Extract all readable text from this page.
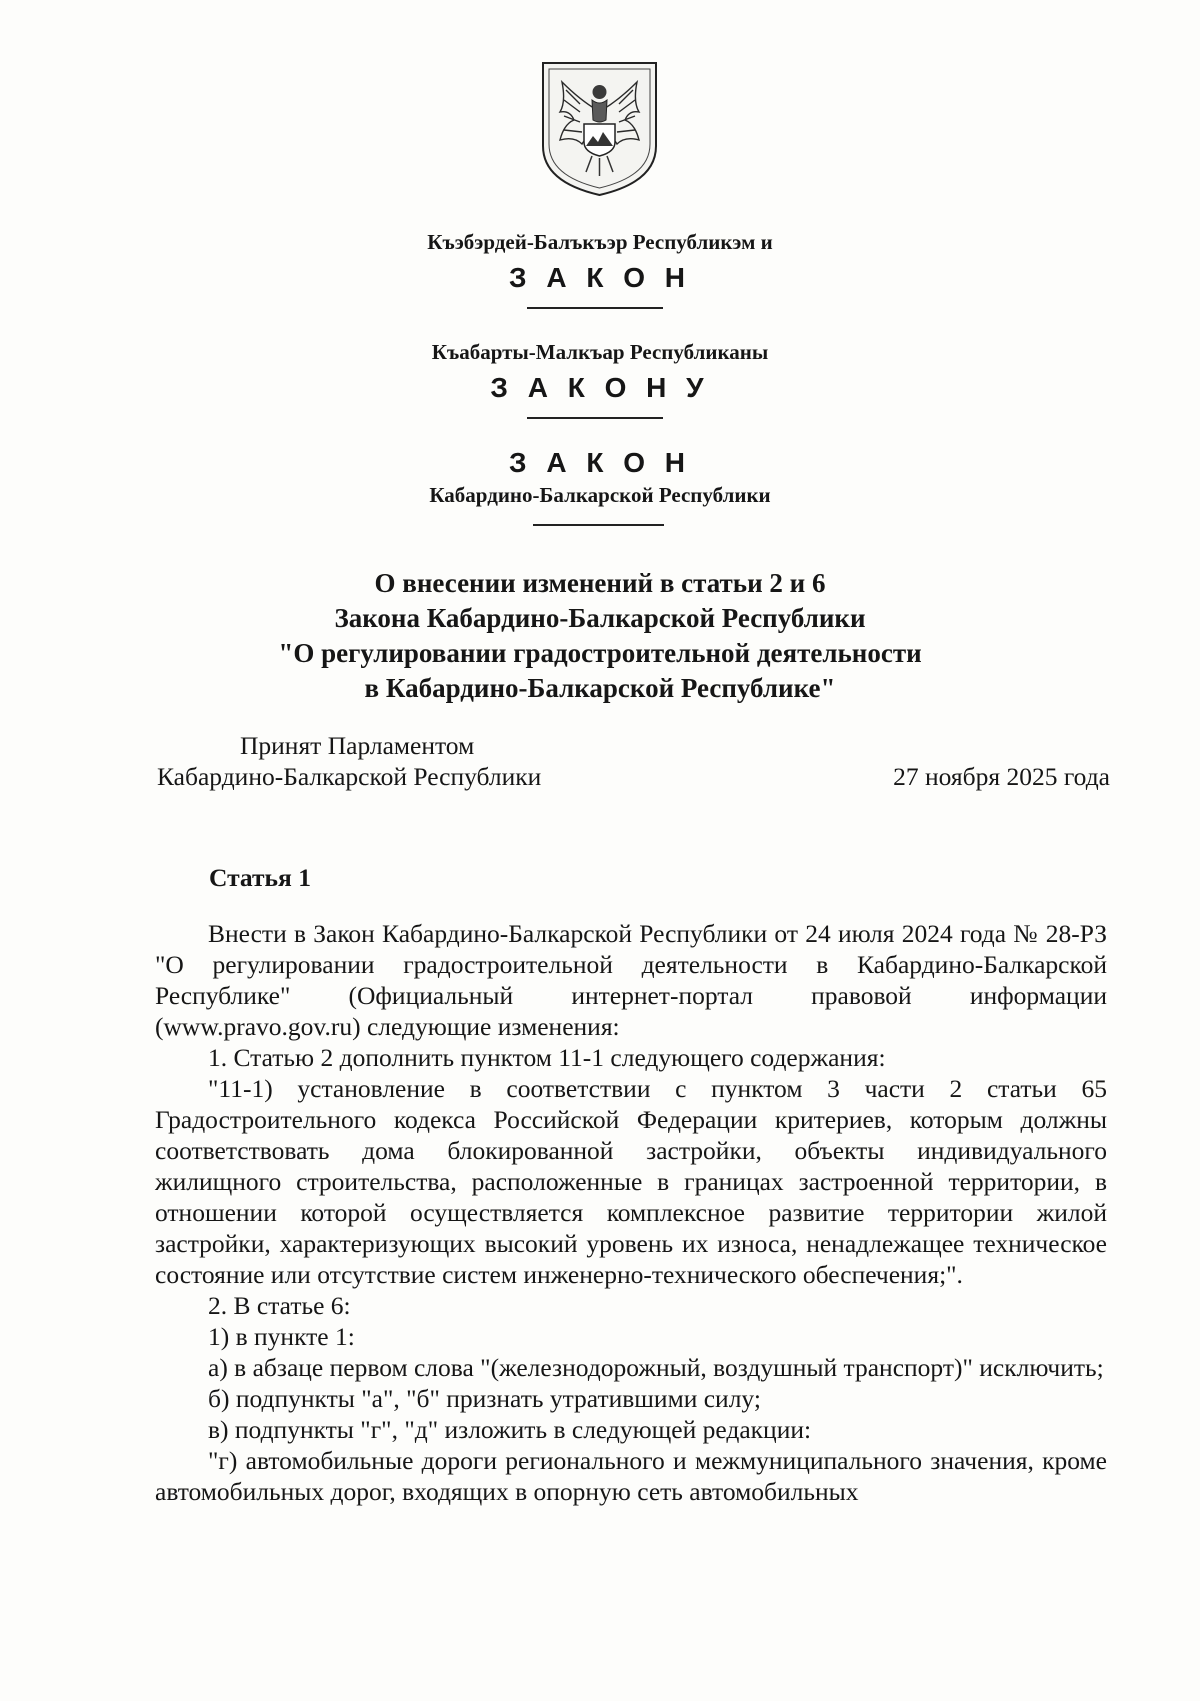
Къэбэрдей-Балъкъэр Республикэм и
З А К О Н
Къабарты-Малкъар Республиканы
З А К О Н У
З А К О Н
Кабардино-Балкарской Республики
О внесении изменений в статьи 2 и 6
Закона Кабардино-Балкарской Республики
"О регулировании градостроительной деятельности
в Кабардино-Балкарской Республике"
Принят Парламентом
Кабардино-Балкарской Республики	27 ноября 2025 года
Статья 1

Внести в Закон Кабардино-Балкарской Республики от 24 июля 2024 года № 28-РЗ "О регулировании градостроительной деятельности в Кабардино-Балкарской Республике" (Официальный интернет-портал правовой информации (www.pravo.gov.ru) следующие изменения:

1. Статью 2 дополнить пунктом 11-1 следующего содержания:

"11-1) установление в соответствии с пунктом 3 части 2 статьи 65 Градостроительного кодекса Российской Федерации критериев, которым должны соответствовать дома блокированной застройки, объекты индивидуального жилищного строительства, расположенные в границах застроенной территории, в отношении которой осуществляется комплексное развитие территории жилой застройки, характеризующих высокий уровень их износа, ненадлежащее техническое состояние или отсутствие систем инженерно-технического обеспечения;".

2. В статье 6:

1) в пункте 1:

а) в абзаце первом слова "(железнодорожный, воздушный транспорт)" исключить;

б) подпункты "а", "б" признать утратившими силу;

в) подпункты "г", "д" изложить в следующей редакции:

"г) автомобильные дороги регионального и межмуниципального значения, кроме автомобильных дорог, входящих в опорную сеть автомобильных
